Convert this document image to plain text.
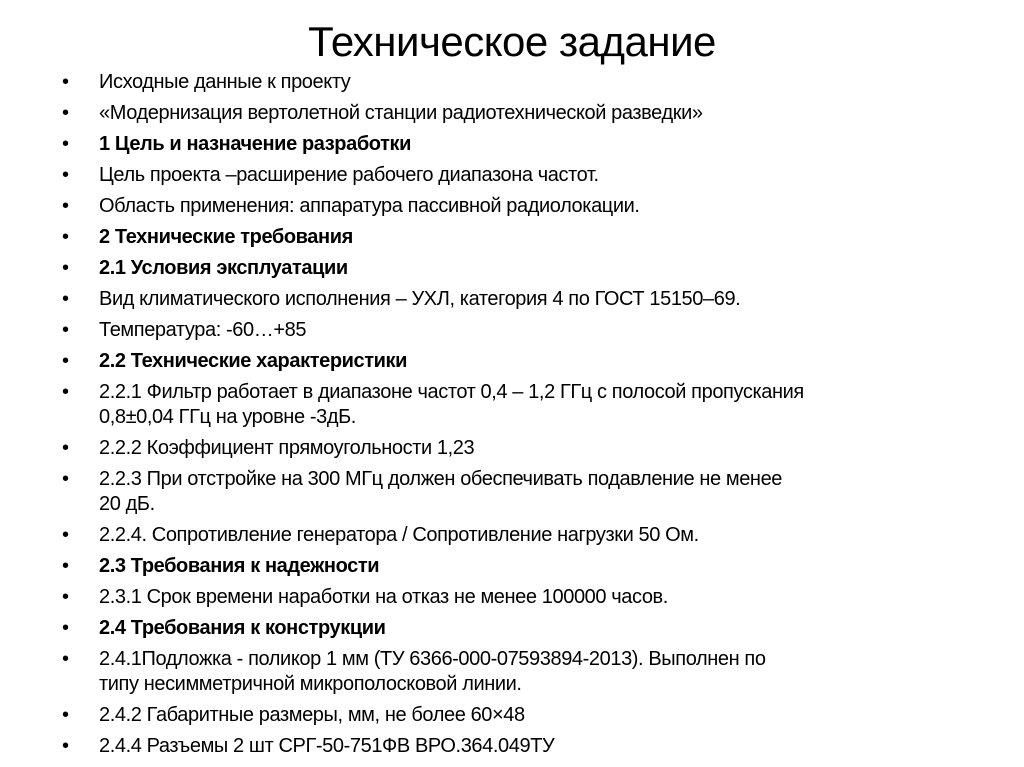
Техническое задание
• Исходные данные к проекту
• «Модернизация вертолетной станции радиотехнической разведки»
• 1 Цель и назначение разработки
• Цель проекта –расширение рабочего диапазона частот.
• Область применения: аппаратура пассивной радиолокации.
• 2 Технические требования
• 2.1 Условия эксплуатации
• Вид климатического исполнения – УХЛ, категория 4 по ГОСТ 15150–69.
• Температура: -60…+85
• 2.2 Технические характеристики
• 2.2.1 Фильтр работает в диапазоне частот 0,4 – 1,2 ГГц с полосой пропускания
0,8±0,04 ГГц на уровне -3дБ.
• 2.2.2 Коэффициент прямоугольности 1,23
• 2.2.3 При отстройке на 300 МГц должен обеспечивать подавление не менее
20 дБ.
• 2.2.4. Сопротивление генератора / Сопротивление нагрузки 50 Ом.
• 2.3 Требования к надежности
• 2.3.1 Срок времени наработки на отказ не менее 100000 часов.
• 2.4 Требования к конструкции
• 2.4.1Подложка - поликор 1 мм (ТУ 6366-000-07593894-2013). Выполнен по
типу несимметричной микрополосковой линии.
• 2.4.2 Габаритные размеры, мм, не более 60×48
• 2.4.4 Разъемы 2 шт СРГ-50-751ФВ ВРО.364.049ТУ
